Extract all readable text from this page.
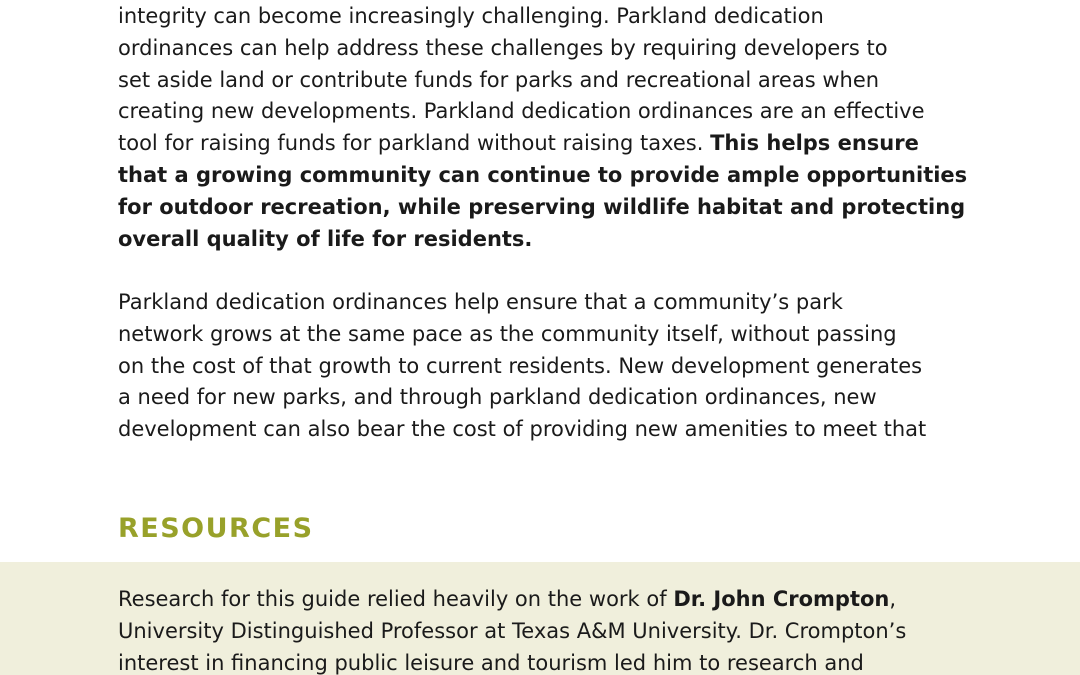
integrity can become increasingly challenging. Parkland dedication
ordinances can help address these challenges by requiring developers to
set aside land or contribute funds for parks and recreational areas when
creating new developments. Parkland dedication ordinances are an effective
tool for raising funds for parkland without raising taxes. This helps ensure
that a growing community can continue to provide ample opportunities
for outdoor recreation, while preserving wildlife habitat and protecting
overall quality of life for residents.

Parkland dedication ordinances help ensure that a community’s park
network grows at the same pace as the community itself, without passing
on the cost of that growth to current residents. New development generates
a need for new parks, and through parkland dedication ordinances, new
development can also bear the cost of providing new amenities to meet that

RESOURCES

Research for this guide relied heavily on the work of Dr. John Crompton,
University Distinguished Professor at Texas A&M University. Dr. Crompton’s
interest in financing public leisure and tourism led him to research and
